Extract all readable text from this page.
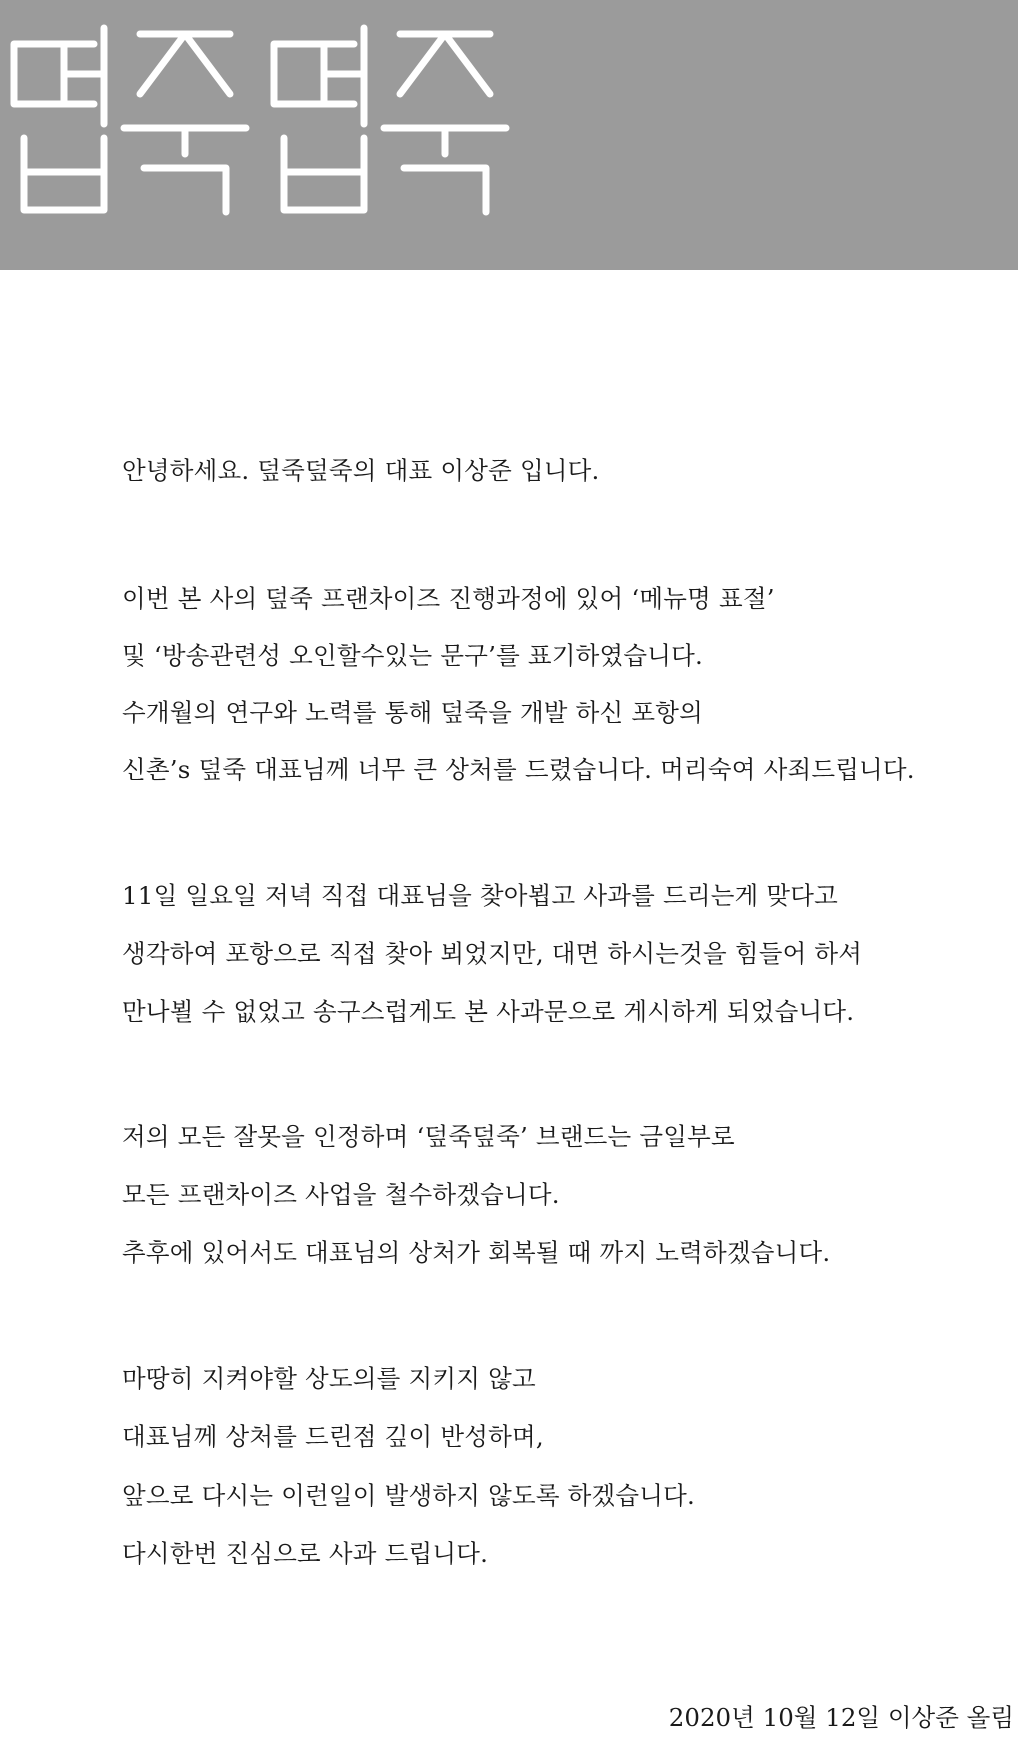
안녕하세요. 덮죽덮죽의 대표 이상준 입니다.
이번 본 사의 덮죽 프랜차이즈 진행과정에 있어 ‘메뉴명 표절’
및 ‘방송관련성 오인할수있는 문구’를 표기하였습니다.
수개월의 연구와 노력를 통해 덮죽을 개발 하신 포항의
신촌’s 덮죽 대표님께 너무 큰 상처를 드렸습니다. 머리숙여 사죄드립니다.
11일 일요일 저녁 직접 대표님을 찾아뵙고 사과를 드리는게 맞다고
생각하여 포항으로 직접 찾아 뵈었지만, 대면 하시는것을 힘들어 하셔
만나뵐 수 없었고 송구스럽게도 본 사과문으로 게시하게 되었습니다.
저의 모든 잘못을 인정하며 ‘덮죽덮죽’ 브랜드는 금일부로
모든 프랜차이즈 사업을 철수하겠습니다.
추후에 있어서도 대표님의 상처가 회복될 때 까지 노력하겠습니다.
마땅히 지켜야할 상도의를 지키지 않고
대표님께 상처를 드린점 깊이 반성하며,
앞으로 다시는 이런일이 발생하지 않도록 하겠습니다.
다시한번 진심으로 사과 드립니다.
2020년 10월 12일 이상준 올림
